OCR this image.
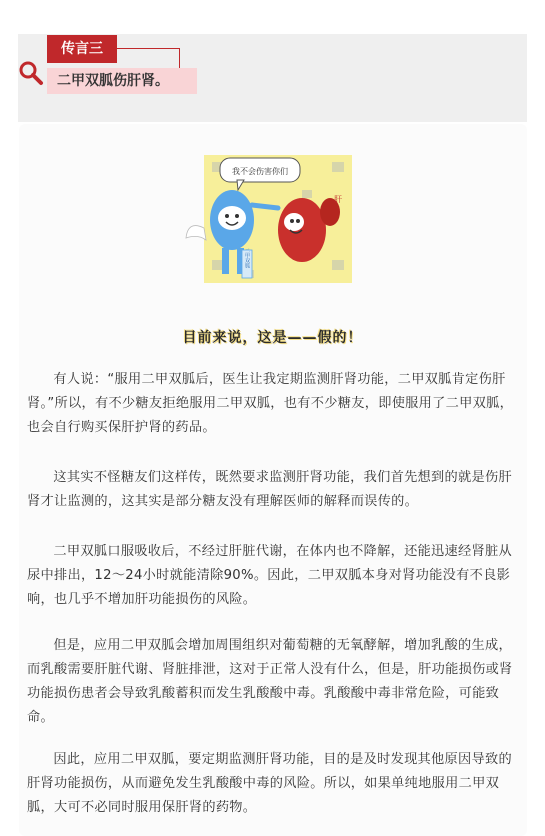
传言三
二甲双胍伤肝肾。
我不会伤害你们
二甲双胍
肝
目前来说，这是——假的！

有人说：“服用二甲双胍后，医生让我定期监测肝肾功能，二甲双胍肯定伤肝肾。”所以，有不少糖友拒绝服用二甲双胍，也有不少糖友，即使服用了二甲双胍，也会自行购买保肝护肾的药品。

这其实不怪糖友们这样传，既然要求监测肝肾功能，我们首先想到的就是伤肝肾才让监测的，这其实是部分糖友没有理解医师的解释而误传的。

二甲双胍口服吸收后，不经过肝脏代谢，在体内也不降解，还能迅速经肾脏从尿中排出，12～24小时就能清除90%。因此，二甲双胍本身对肾功能没有不良影响，也几乎不增加肝功能损伤的风险。

但是，应用二甲双胍会增加周围组织对葡萄糖的无氧酵解，增加乳酸的生成，而乳酸需要肝脏代谢、肾脏排泄，这对于正常人没有什么，但是，肝功能损伤或肾功能损伤患者会导致乳酸蓄积而发生乳酸酸中毒。乳酸酸中毒非常危险，可能致命。

因此，应用二甲双胍，要定期监测肝肾功能，目的是及时发现其他原因导致的肝肾功能损伤，从而避免发生乳酸酸中毒的风险。所以，如果单纯地服用二甲双胍，大可不必同时服用保肝肾的药物。
